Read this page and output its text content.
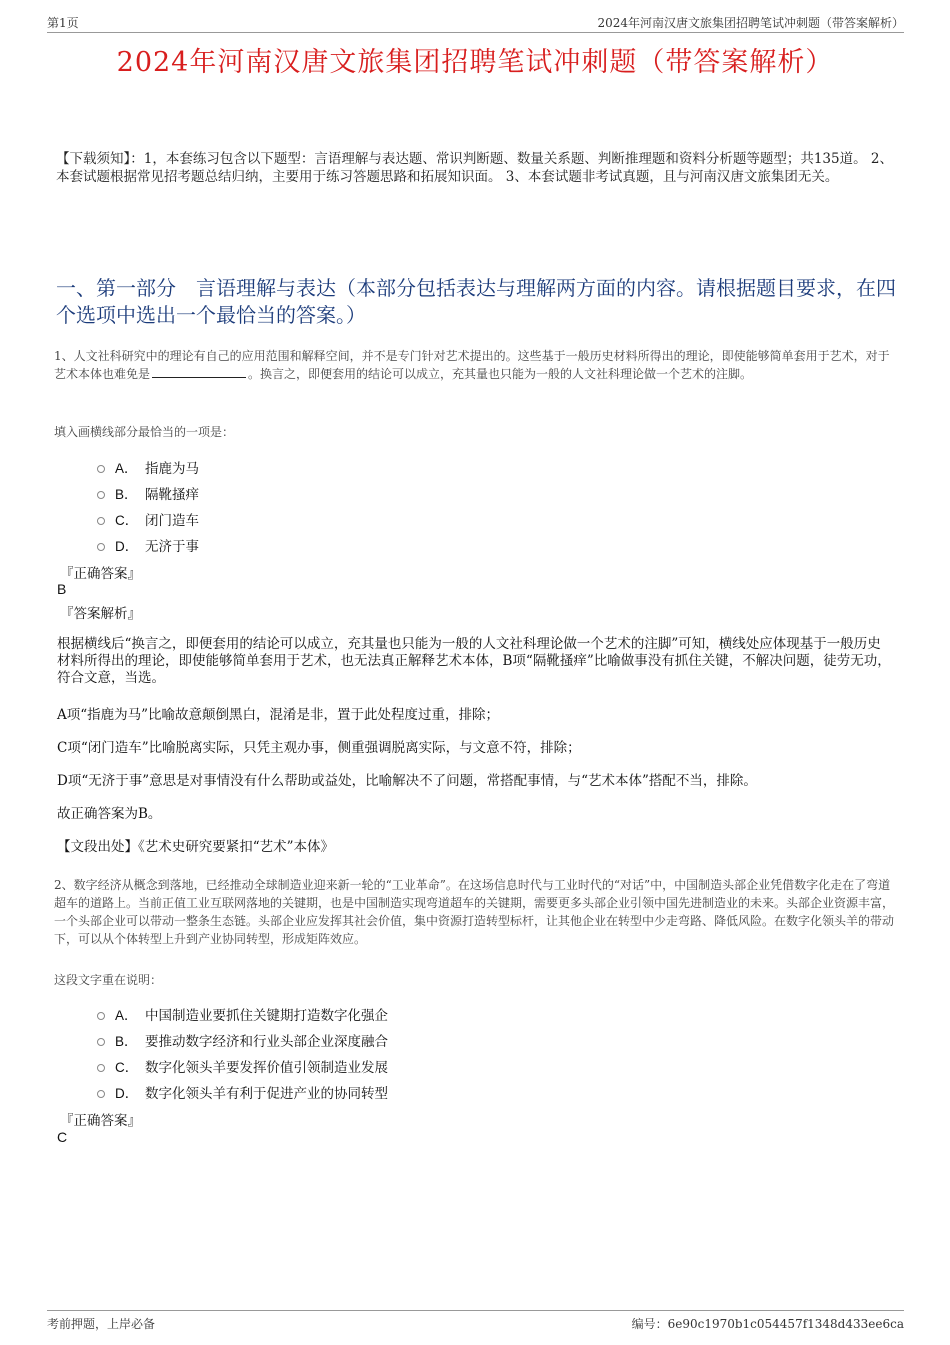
第1页	2024年河南汉唐文旅集团招聘笔试冲刺题（带答案解析）
2024年河南汉唐文旅集团招聘笔试冲刺题（带答案解析）
【下载须知】：1，本套练习包含以下题型：言语理解与表达题、常识判断题、数量关系题、判断推理题和资料分析题等题型；共135道。 2、本套试题根据常见招考题总结归纳，主要用于练习答题思路和拓展知识面。 3、本套试题非考试真题，且与河南汉唐文旅集团无关。
一、第一部分　言语理解与表达（本部分包括表达与理解两方面的内容。请根据题目要求，在四个选项中选出一个最恰当的答案。）
1、人文社科研究中的理论有自己的应用范围和解释空间，并不是专门针对艺术提出的。这些基于一般历史材料所得出的理论，即使能够简单套用于艺术，对于艺术本体也难免是	。换言之，即便套用的结论可以成立，充其量也只能为一般的人文社科理论做一个艺术的注脚。
填入画横线部分最恰当的一项是：
A． 指鹿为马
B． 隔靴搔痒
C． 闭门造车
D． 无济于事
『正确答案』
B
『答案解析』
根据横线后“换言之，即便套用的结论可以成立，充其量也只能为一般的人文社科理论做一个艺术的注脚”可知，横线处应体现基于一般历史材料所得出的理论，即使能够简单套用于艺术，也无法真正解释艺术本体，B项“隔靴搔痒”比喻做事没有抓住关键，不解决问题，徒劳无功，符合文意，当选。
A项“指鹿为马”比喻故意颠倒黑白，混淆是非，置于此处程度过重，排除；
C项“闭门造车”比喻脱离实际，只凭主观办事，侧重强调脱离实际，与文意不符，排除；
D项“无济于事”意思是对事情没有什么帮助或益处，比喻解决不了问题，常搭配事情，与“艺术本体”搭配不当，排除。
故正确答案为B。
【文段出处】《艺术史研究要紧扣“艺术”本体》
2、数字经济从概念到落地，已经推动全球制造业迎来新一轮的“工业革命”。在这场信息时代与工业时代的“对话”中，中国制造头部企业凭借数字化走在了弯道超车的道路上。当前正值工业互联网落地的关键期，也是中国制造实现弯道超车的关键期，需要更多头部企业引领中国先进制造业的未来。头部企业资源丰富，一个头部企业可以带动一整条生态链。头部企业应发挥其社会价值，集中资源打造转型标杆，让其他企业在转型中少走弯路、降低风险。在数字化领头羊的带动下，可以从个体转型上升到产业协同转型，形成矩阵效应。
这段文字重在说明：
A． 中国制造业要抓住关键期打造数字化强企
B． 要推动数字经济和行业头部企业深度融合
C． 数字化领头羊要发挥价值引领制造业发展
D． 数字化领头羊有利于促进产业的协同转型
『正确答案』
C
考前押题，上岸必备	编号：6e90c1970b1c054457f1348d433ee6ca
